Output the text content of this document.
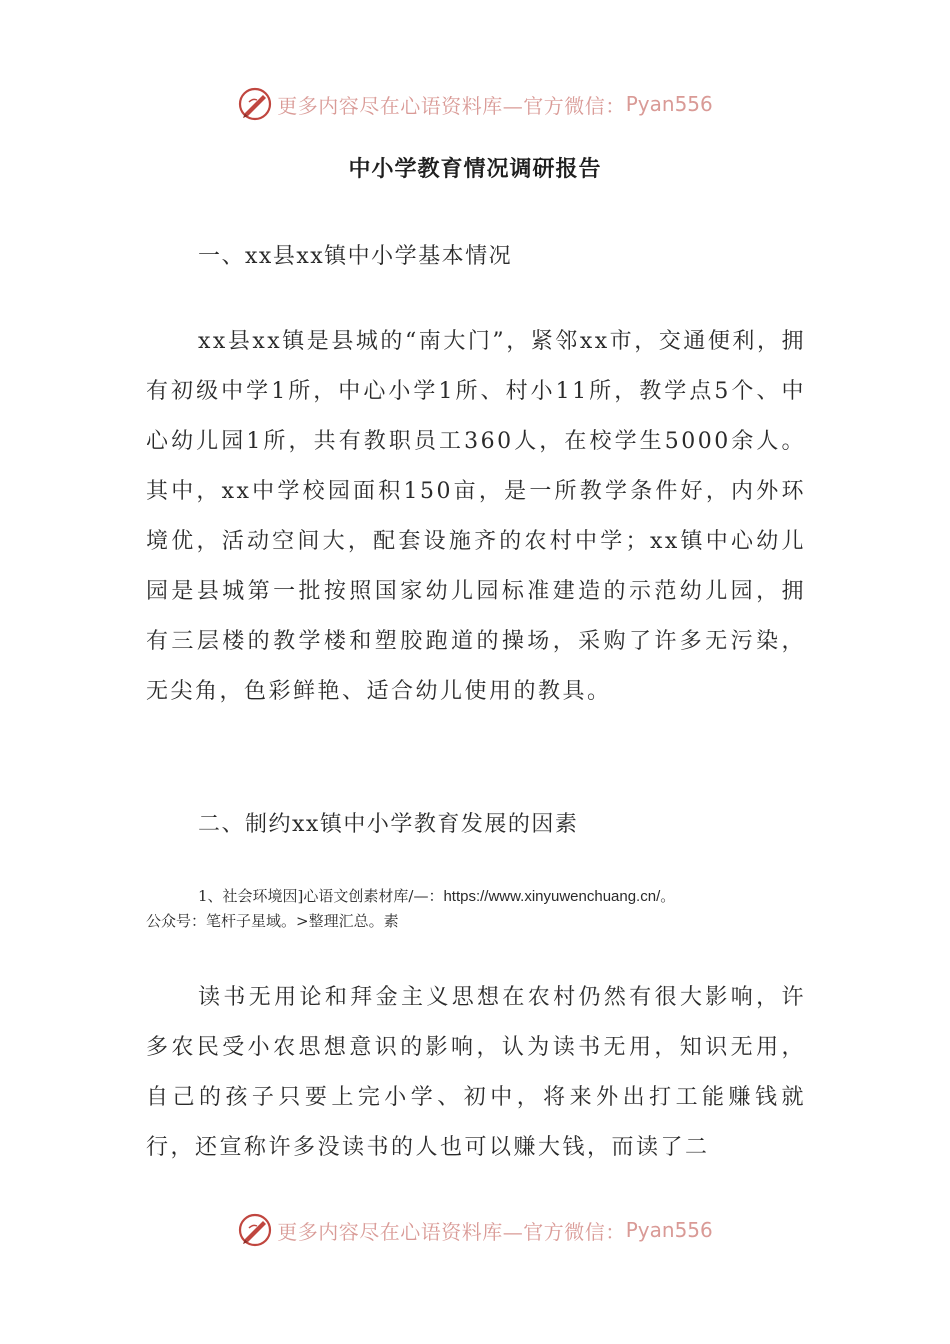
更多内容尽在心语资料库—官方微信： Pyan556
中小学教育情况调研报告

一、xx县xx镇中小学基本情况

xx县xx镇是县城的“南大门”，紧邻xx市，交通便利，拥有初级中学1所，中心小学1所、村小11所，教学点5个、中心幼儿园1所，共有教职员工360人，在校学生5000余人。其中，xx中学校园面积150亩，是一所教学条件好，内外环境优，活动空间大，配套设施齐的农村中学；xx镇中心幼儿园是县城第一批按照国家幼儿园标准建造的示范幼儿园，拥有三层楼的教学楼和塑胶跑道的操场，采购了许多无污染，无尖角，色彩鲜艳、适合幼儿使用的教具。

二、制约xx镇中小学教育发展的因素

1、社会环境因]心语文创素材库/—：https://www.xinyuwenchuang.cn/。

公众号：笔杆子星域。>整理汇总。素

读书无用论和拜金主义思想在农村仍然有很大影响，许多农民受小农思想意识的影响，认为读书无用，知识无用，自己的孩子只要上完小学、初中，将来外出打工能赚钱就行，还宣称许多没读书的人也可以赚大钱，而读了二

更多内容尽在心语资料库—官方微信： Pyan556
